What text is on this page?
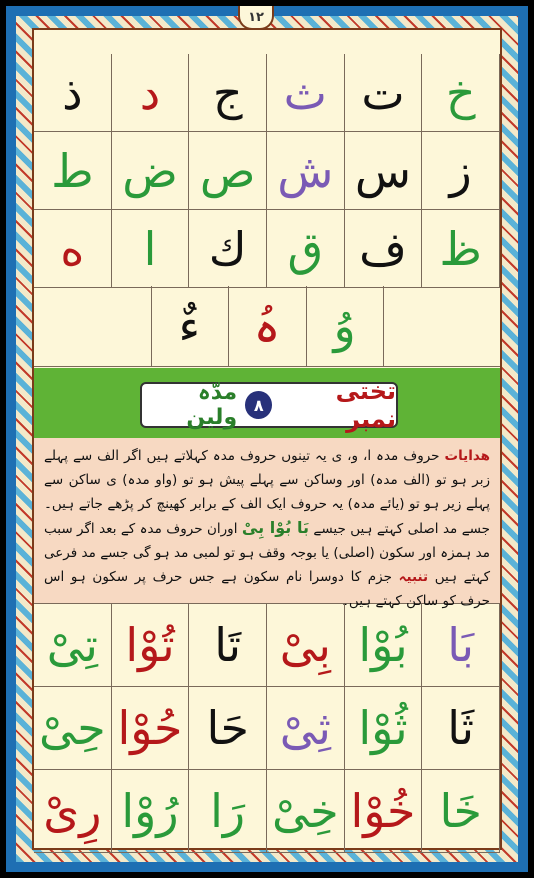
۱۲
ذ	د	ج ث ت خ
ط ض ص ش س ز
ه	ا	ك ق ف ظ
ءٌ	ہُ	وُ
تختی نمبر
۸
مدّہ ولین
ھدایات حروف مدہ ا، و، ی یہ تینوں حروف مدہ کہلاتے ہیں اگر الف سے پہلے زبر ہو تو (الف مدہ) اور وساکن سے پہلے پیش ہو تو (واو مدہ) ی ساکن سے پہلے زیر ہو تو (یائے مدہ) یہ حروف ایک الف کے برابر کھینچ کر پڑھے جاتے ہیں۔ جسے مد اصلی کہتے ہیں جیسے بَا بُوْا بِیْ اوران حروف مدہ کے بعد اگر سبب مد ہمزہ اور سکون (اصلی) یا بوجہ وقف ہو تو لمبی مد ہو گی جسے مد فرعی کہتے ہیں تنبیہ جزم کا دوسرا نام سکون ہے جس حرف پر سکون ہو اس حرف کو ساکن کہتے ہیں۔
تِیْ تُوْا تَا بِیْ بُوْا بَا
حِیْ حُوْا حَا ثِیْ ثُوْا ثَا
رِیْ رُوْا رَا خِیْ خُوْا خَا
